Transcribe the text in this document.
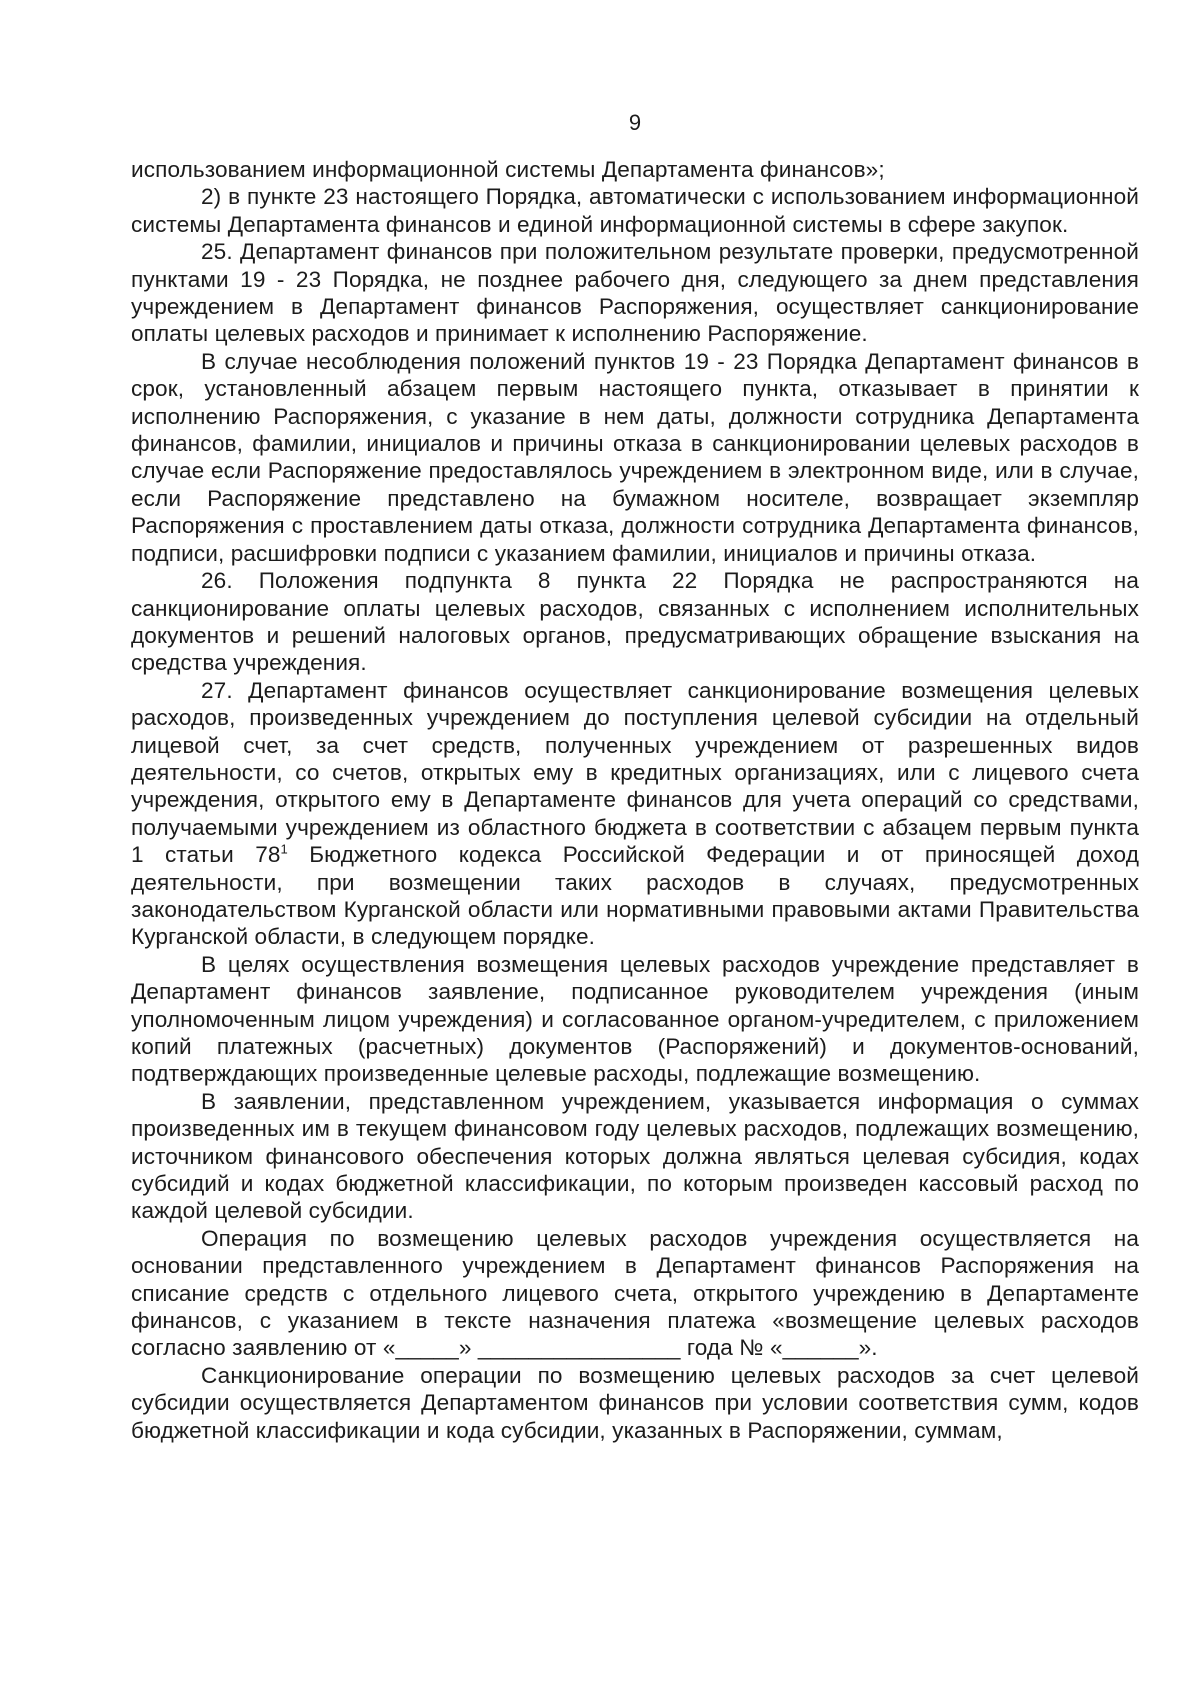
9

использованием информационной системы Департамента финансов»;

2) в пункте 23 настоящего Порядка, автоматически с использованием информационной системы Департамента финансов и единой информационной системы в сфере закупок.

25. Департамент финансов при положительном результате проверки, предусмотренной пунктами 19 - 23 Порядка, не позднее рабочего дня, следующего за днем представления учреждением в Департамент финансов Распоряжения, осуществляет санкционирование оплаты целевых расходов и принимает к исполнению Распоряжение.

В случае несоблюдения положений пунктов 19 - 23 Порядка Департамент финансов в срок, установленный абзацем первым настоящего пункта, отказывает в принятии к исполнению Распоряжения, с указание в нем даты, должности сотрудника Департамента финансов, фамилии, инициалов и причины отказа в санкционировании целевых расходов в случае если Распоряжение предоставлялось учреждением в электронном виде, или в случае, если Распоряжение представлено на бумажном носителе, возвращает экземпляр Распоряжения с проставлением даты отказа, должности сотрудника Департамента финансов, подписи, расшифровки подписи с указанием фамилии, инициалов и причины отказа.

26. Положения подпункта 8 пункта 22 Порядка не распространяются на санкционирование оплаты целевых расходов, связанных с исполнением исполнительных документов и решений налоговых органов, предусматривающих обращение взыскания на средства учреждения.

27. Департамент финансов осуществляет санкционирование возмещения целевых расходов, произведенных учреждением до поступления целевой субсидии на отдельный лицевой счет, за счет средств, полученных учреждением от разрешенных видов деятельности, со счетов, открытых ему в кредитных организациях, или с лицевого счета учреждения, открытого ему в Департаменте финансов для учета операций со средствами, получаемыми учреждением из областного бюджета в соответствии с абзацем первым пункта 1 статьи $78^1$ Бюджетного кодекса Российской Федерации и от приносящей доход деятельности, при возмещении таких расходов в случаях, предусмотренных законодательством Курганской области или нормативными правовыми актами Правительства Курганской области, в следующем порядке.

В целях осуществления возмещения целевых расходов учреждение представляет в Департамент финансов заявление, подписанное руководителем учреждения (иным уполномоченным лицом учреждения) и согласованное органом-учредителем, с приложением копий платежных (расчетных) документов (Распоряжений) и документов-оснований, подтверждающих произведенные целевые расходы, подлежащие возмещению.

В заявлении, представленном учреждением, указывается информация о суммах произведенных им в текущем финансовом году целевых расходов, подлежащих возмещению, источником финансового обеспечения которых должна являться целевая субсидия, кодах субсидий и кодах бюджетной классификации, по которым произведен кассовый расход по каждой целевой субсидии.

Операция по возмещению целевых расходов учреждения осуществляется на основании представленного учреждением в Департамент финансов Распоряжения на списание средств с отдельного лицевого счета, открытого учреждению в Департаменте финансов, с указанием в тексте назначения платежа «возмещение целевых расходов согласно заявлению от «_____» ________________ года № «______».

Санкционирование операции по возмещению целевых расходов за счет целевой субсидии осуществляется Департаментом финансов при условии соответствия сумм, кодов бюджетной классификации и кода субсидии, указанных в Распоряжении, суммам,
